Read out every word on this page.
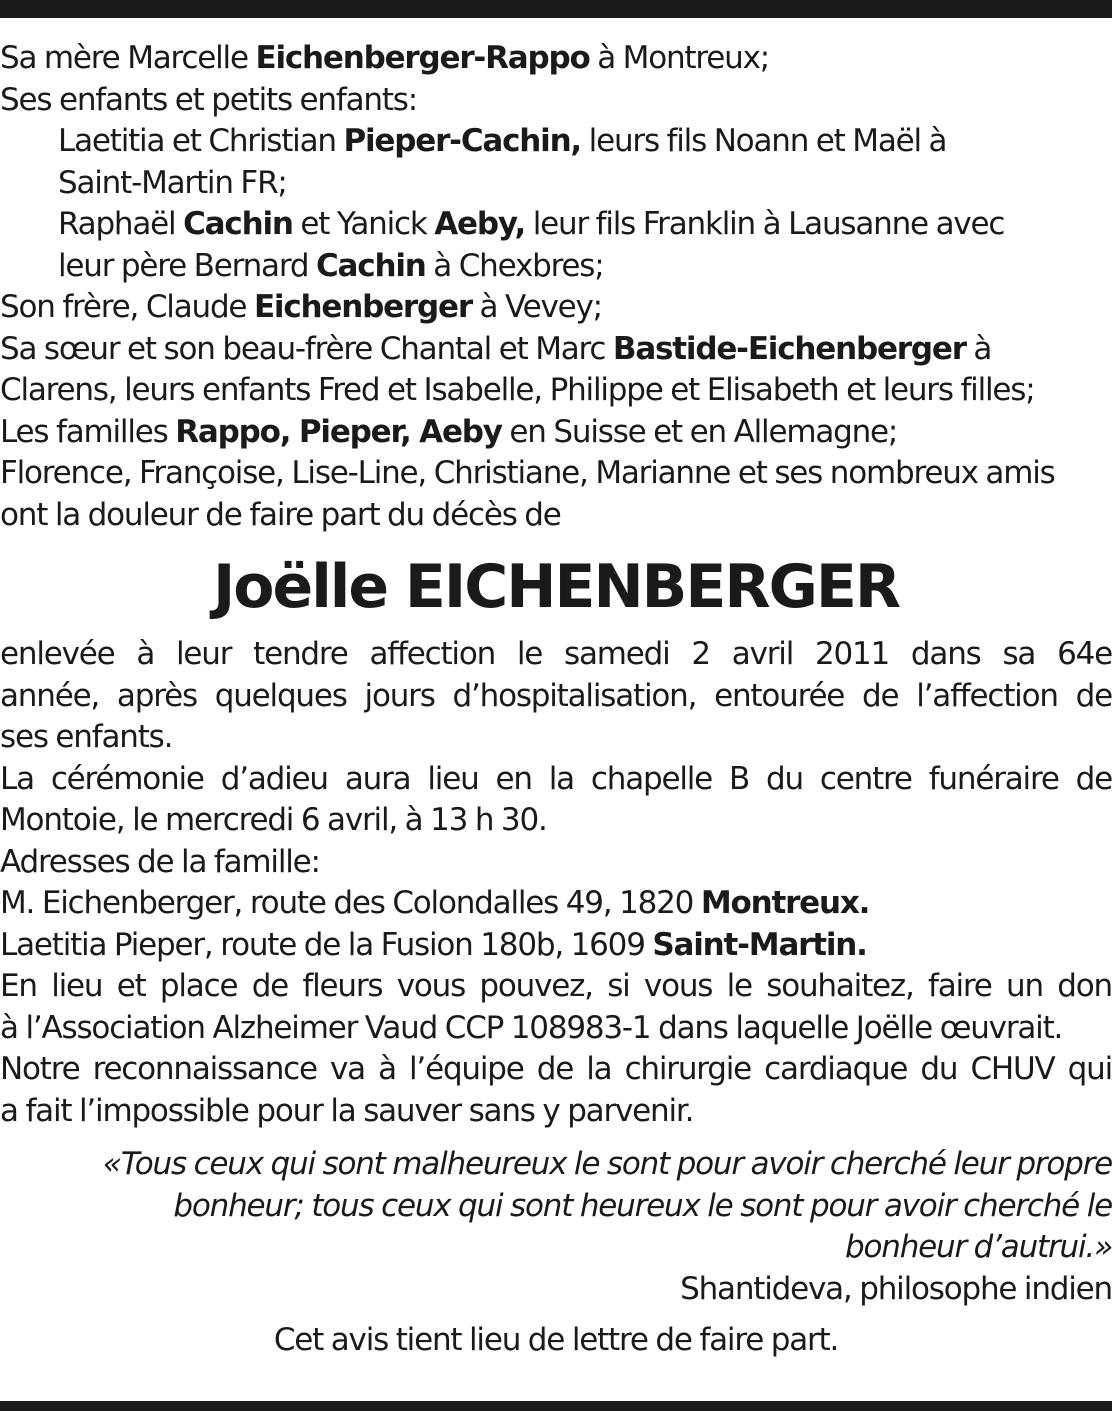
Sa mère Marcelle Eichenberger-Rappo à Montreux;
Ses enfants et petits enfants:
Laetitia et Christian Pieper-Cachin, leurs fils Noann et Maël à
Saint-Martin FR;
Raphaël Cachin et Yanick Aeby, leur fils Franklin à Lausanne avec
leur père Bernard Cachin à Chexbres;
Son frère, Claude Eichenberger à Vevey;
Sa sœur et son beau-frère Chantal et Marc Bastide-Eichenberger à
Clarens, leurs enfants Fred et Isabelle, Philippe et Elisabeth et leurs filles;
Les familles Rappo, Pieper, Aeby en Suisse et en Allemagne;
Florence, Françoise, Lise-Line, Christiane, Marianne et ses nombreux amis
ont la douleur de faire part du décès de
Joëlle EICHENBERGER
enlevée à leur tendre affection le samedi 2 avril 2011 dans sa 64e
année, après quelques jours d’hospitalisation, entourée de l’affection de
ses enfants.
La cérémonie d’adieu aura lieu en la chapelle B du centre funéraire de
Montoie, le mercredi 6 avril, à 13 h 30.
Adresses de la famille:
M. Eichenberger, route des Colondalles 49, 1820 Montreux.
Laetitia Pieper, route de la Fusion 180b, 1609 Saint-Martin.
En lieu et place de fleurs vous pouvez, si vous le souhaitez, faire un don
à l’Association Alzheimer Vaud CCP 108983-1 dans laquelle Joëlle œuvrait.
Notre reconnaissance va à l’équipe de la chirurgie cardiaque du CHUV qui
a fait l’impossible pour la sauver sans y parvenir.
«Tous ceux qui sont malheureux le sont pour avoir cherché leur propre
bonheur; tous ceux qui sont heureux le sont pour avoir cherché le
bonheur d’autrui.»
Shantideva, philosophe indien
Cet avis tient lieu de lettre de faire part.
